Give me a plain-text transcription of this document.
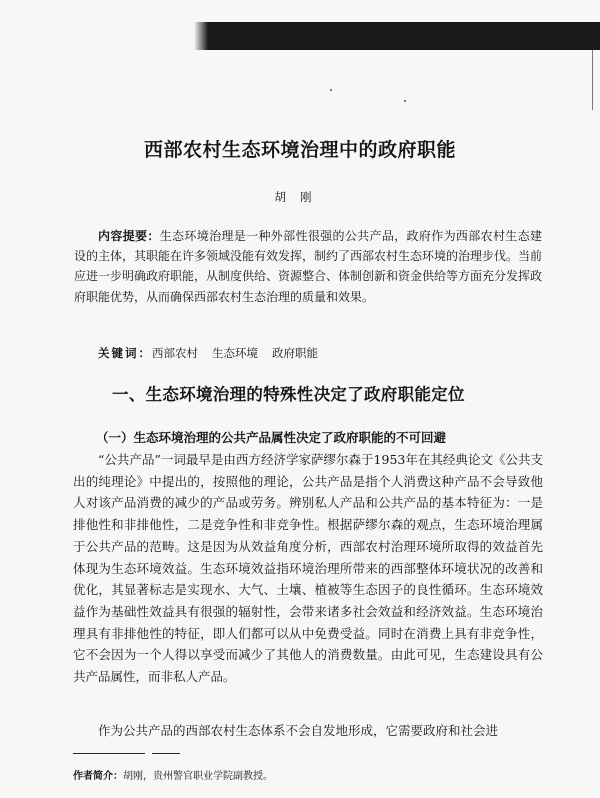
西部农村生态环境治理中的政府职能
胡刚

内容提要：生态环境治理是一种外部性很强的公共产品，政府作为西部农村生态建设的主体，其职能在许多领域没能有效发挥，制约了西部农村生态环境的治理步伐。当前应进一步明确政府职能，从制度供给、资源整合、体制创新和资金供给等方面充分发挥政府职能优势，从而确保西部农村生态治理的质量和效果。

关键词：西部农村 生态环境 政府职能

一、生态环境治理的特殊性决定了政府职能定位
（一）生态环境治理的公共产品属性决定了政府职能的不可回避

“公共产品”一词最早是由西方经济学家萨缪尔森于1953年在其经典论文《公共支出的纯理论》中提出的，按照他的理论，公共产品是指个人消费这种产品不会导致他人对该产品消费的减少的产品或劳务。辨别私人产品和公共产品的基本特征为：一是排他性和非排他性，二是竞争性和非竞争性。根据萨缪尔森的观点，生态环境治理属于公共产品的范畴。这是因为从效益角度分析，西部农村治理环境所取得的效益首先体现为生态环境效益。生态环境效益指环境治理所带来的西部整体环境状况的改善和优化，其显著标志是实现水、大气、土壤、植被等生态因子的良性循环。生态环境效益作为基础性效益具有很强的辐射性，会带来诸多社会效益和经济效益。生态环境治理具有非排他性的特征，即人们都可以从中免费受益。同时在消费上具有非竞争性，它不会因为一个人得以享受而减少了其他人的消费数量。由此可见，生态建设具有公共产品属性，而非私人产品。

作为公共产品的西部农村生态体系不会自发地形成，它需要政府和社会进

作者简介：胡刚，贵州警官职业学院副教授。
